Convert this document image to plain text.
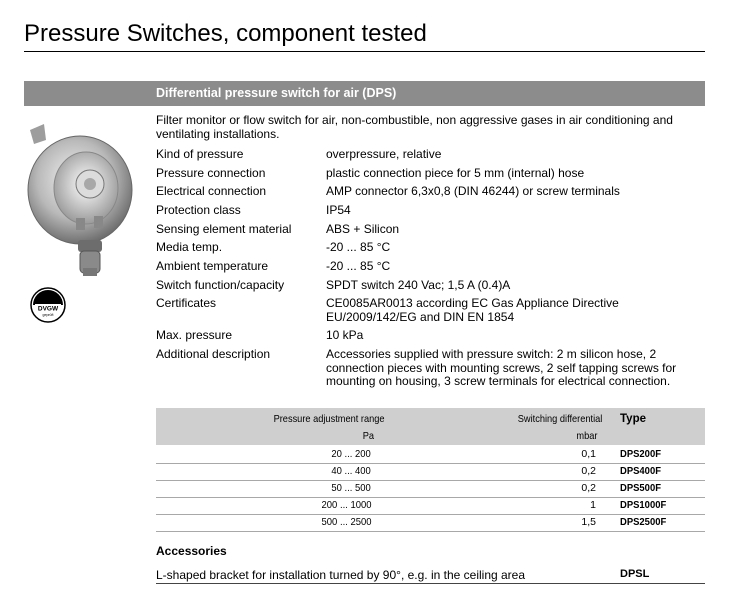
Pressure Switches, component tested
Differential pressure switch for air (DPS)
DVGW
geprüft
Filter monitor or flow switch for air, non-combustible, non aggressive gases in air conditioning and ventilating installations.
Kind of pressure	overpressure, relative
Pressure connection	plastic connection piece for 5 mm (internal) hose
Electrical connection	AMP connector 6,3x0,8 (DIN 46244) or screw terminals
Protection class	IP54
Sensing element material	ABS + Silicon
Media temp.	-20 ... 85 °C
Ambient temperature	-20 ... 85 °C
Switch function/capacity	SPDT switch 240 Vac; 1,5 A (0.4)A
Certificates	CE0085AR0013 according EC Gas Appliance Directive EU/2009/142/EG and DIN EN 1854
Max. pressure	10 kPa
Additional description	Accessories supplied with pressure switch: 2 m silicon hose, 2 connection pieces with mounting screws, 2 self tapping screws for mounting on housing, 3 screw terminals for electrical connection.
Pressure adjustment range
Pa
Switching differential
mbar
Type
20 ... 200	0,1 DPS200F
40 ... 400	0,2 DPS400F
50 ... 500	0,2 DPS500F
200 ... 1000	1 DPS1000F
500 ... 2500	1,5 DPS2500F
Accessories
L-shaped bracket for installation turned by 90°, e.g. in the ceiling area	DPSL
